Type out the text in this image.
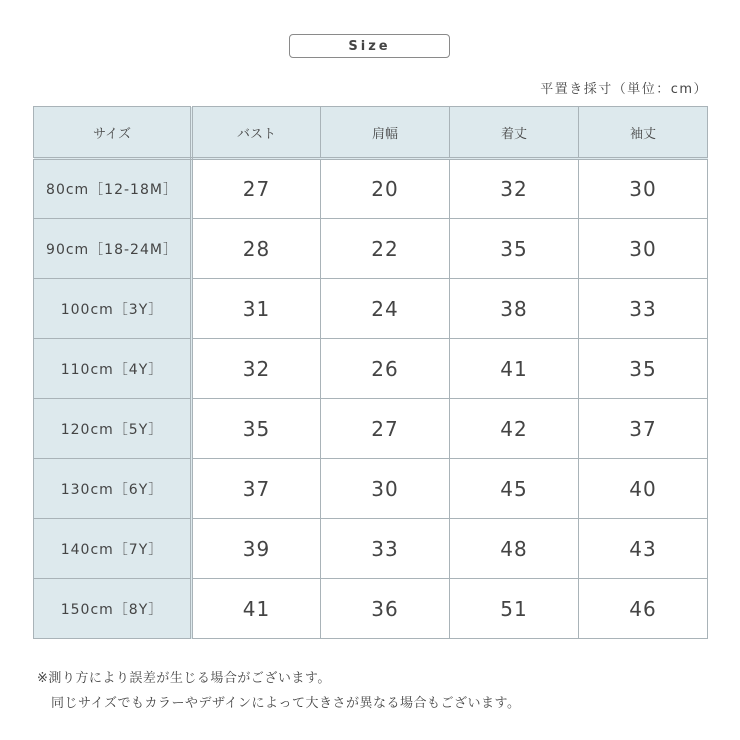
Size
平置き採寸（単位：cm）
サイズ	バスト	肩幅	着丈	袖丈
80cm［12-18M］	27	20	32	30
90cm［18-24M］	28	22	35	30
100cm［3Y］	31	24	38	33
110cm［4Y］	32	26	41	35
120cm［5Y］	35	27	42	37
130cm［6Y］	37	30	45	40
140cm［7Y］	39	33	48	43
150cm［8Y］	41	36	51	46
※測り方により誤差が生じる場合がございます。
同じサイズでもカラーやデザインによって大きさが異なる場合もございます。
